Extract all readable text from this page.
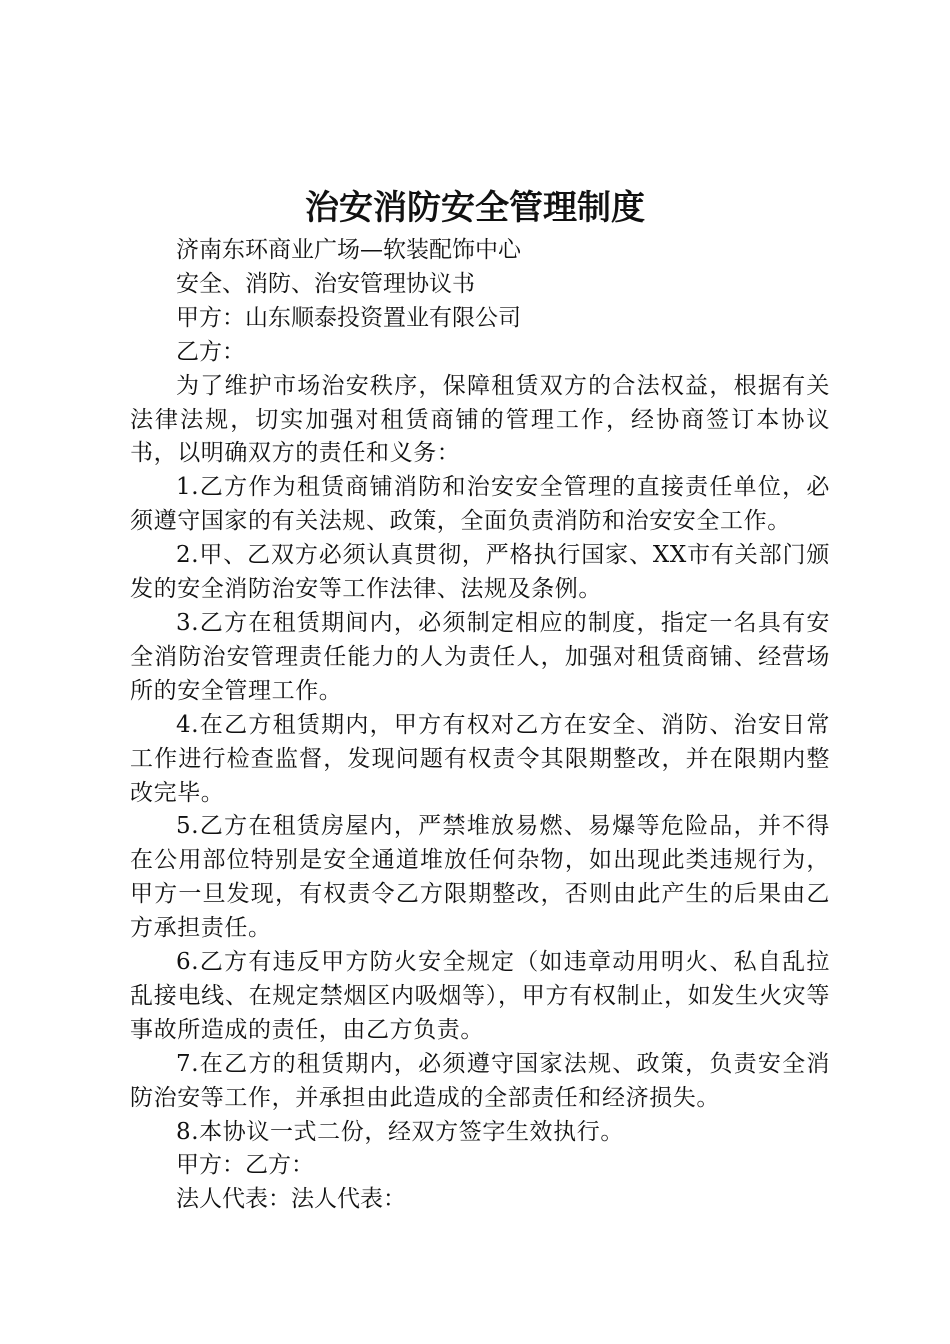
治安消防安全管理制度

济南东环商业广场—软装配饰中心

安全、消防、治安管理协议书

甲方：山东顺泰投资置业有限公司

乙方：

为了维护市场治安秩序，保障租赁双方的合法权益，根据有关法律法规，切实加强对租赁商铺的管理工作，经协商签订本协议书，以明确双方的责任和义务：

1.乙方作为租赁商铺消防和治安安全管理的直接责任单位，必须遵守国家的有关法规、政策，全面负责消防和治安安全工作。

2.甲、乙双方必须认真贯彻，严格执行国家、XX市有关部门颁发的安全消防治安等工作法律、法规及条例。

3.乙方在租赁期间内，必须制定相应的制度，指定一名具有安全消防治安管理责任能力的人为责任人，加强对租赁商铺、经营场所的安全管理工作。

4.在乙方租赁期内，甲方有权对乙方在安全、消防、治安日常工作进行检查监督，发现问题有权责令其限期整改，并在限期内整改完毕。

5.乙方在租赁房屋内，严禁堆放易燃、易爆等危险品，并不得在公用部位特别是安全通道堆放任何杂物，如出现此类违规行为，甲方一旦发现，有权责令乙方限期整改，否则由此产生的后果由乙方承担责任。

6.乙方有违反甲方防火安全规定（如违章动用明火、私自乱拉乱接电线、在规定禁烟区内吸烟等），甲方有权制止，如发生火灾等事故所造成的责任，由乙方负责。

7.在乙方的租赁期内，必须遵守国家法规、政策，负责安全消防治安等工作，并承担由此造成的全部责任和经济损失。

8.本协议一式二份，经双方签字生效执行。

甲方：乙方：

法人代表：法人代表：
